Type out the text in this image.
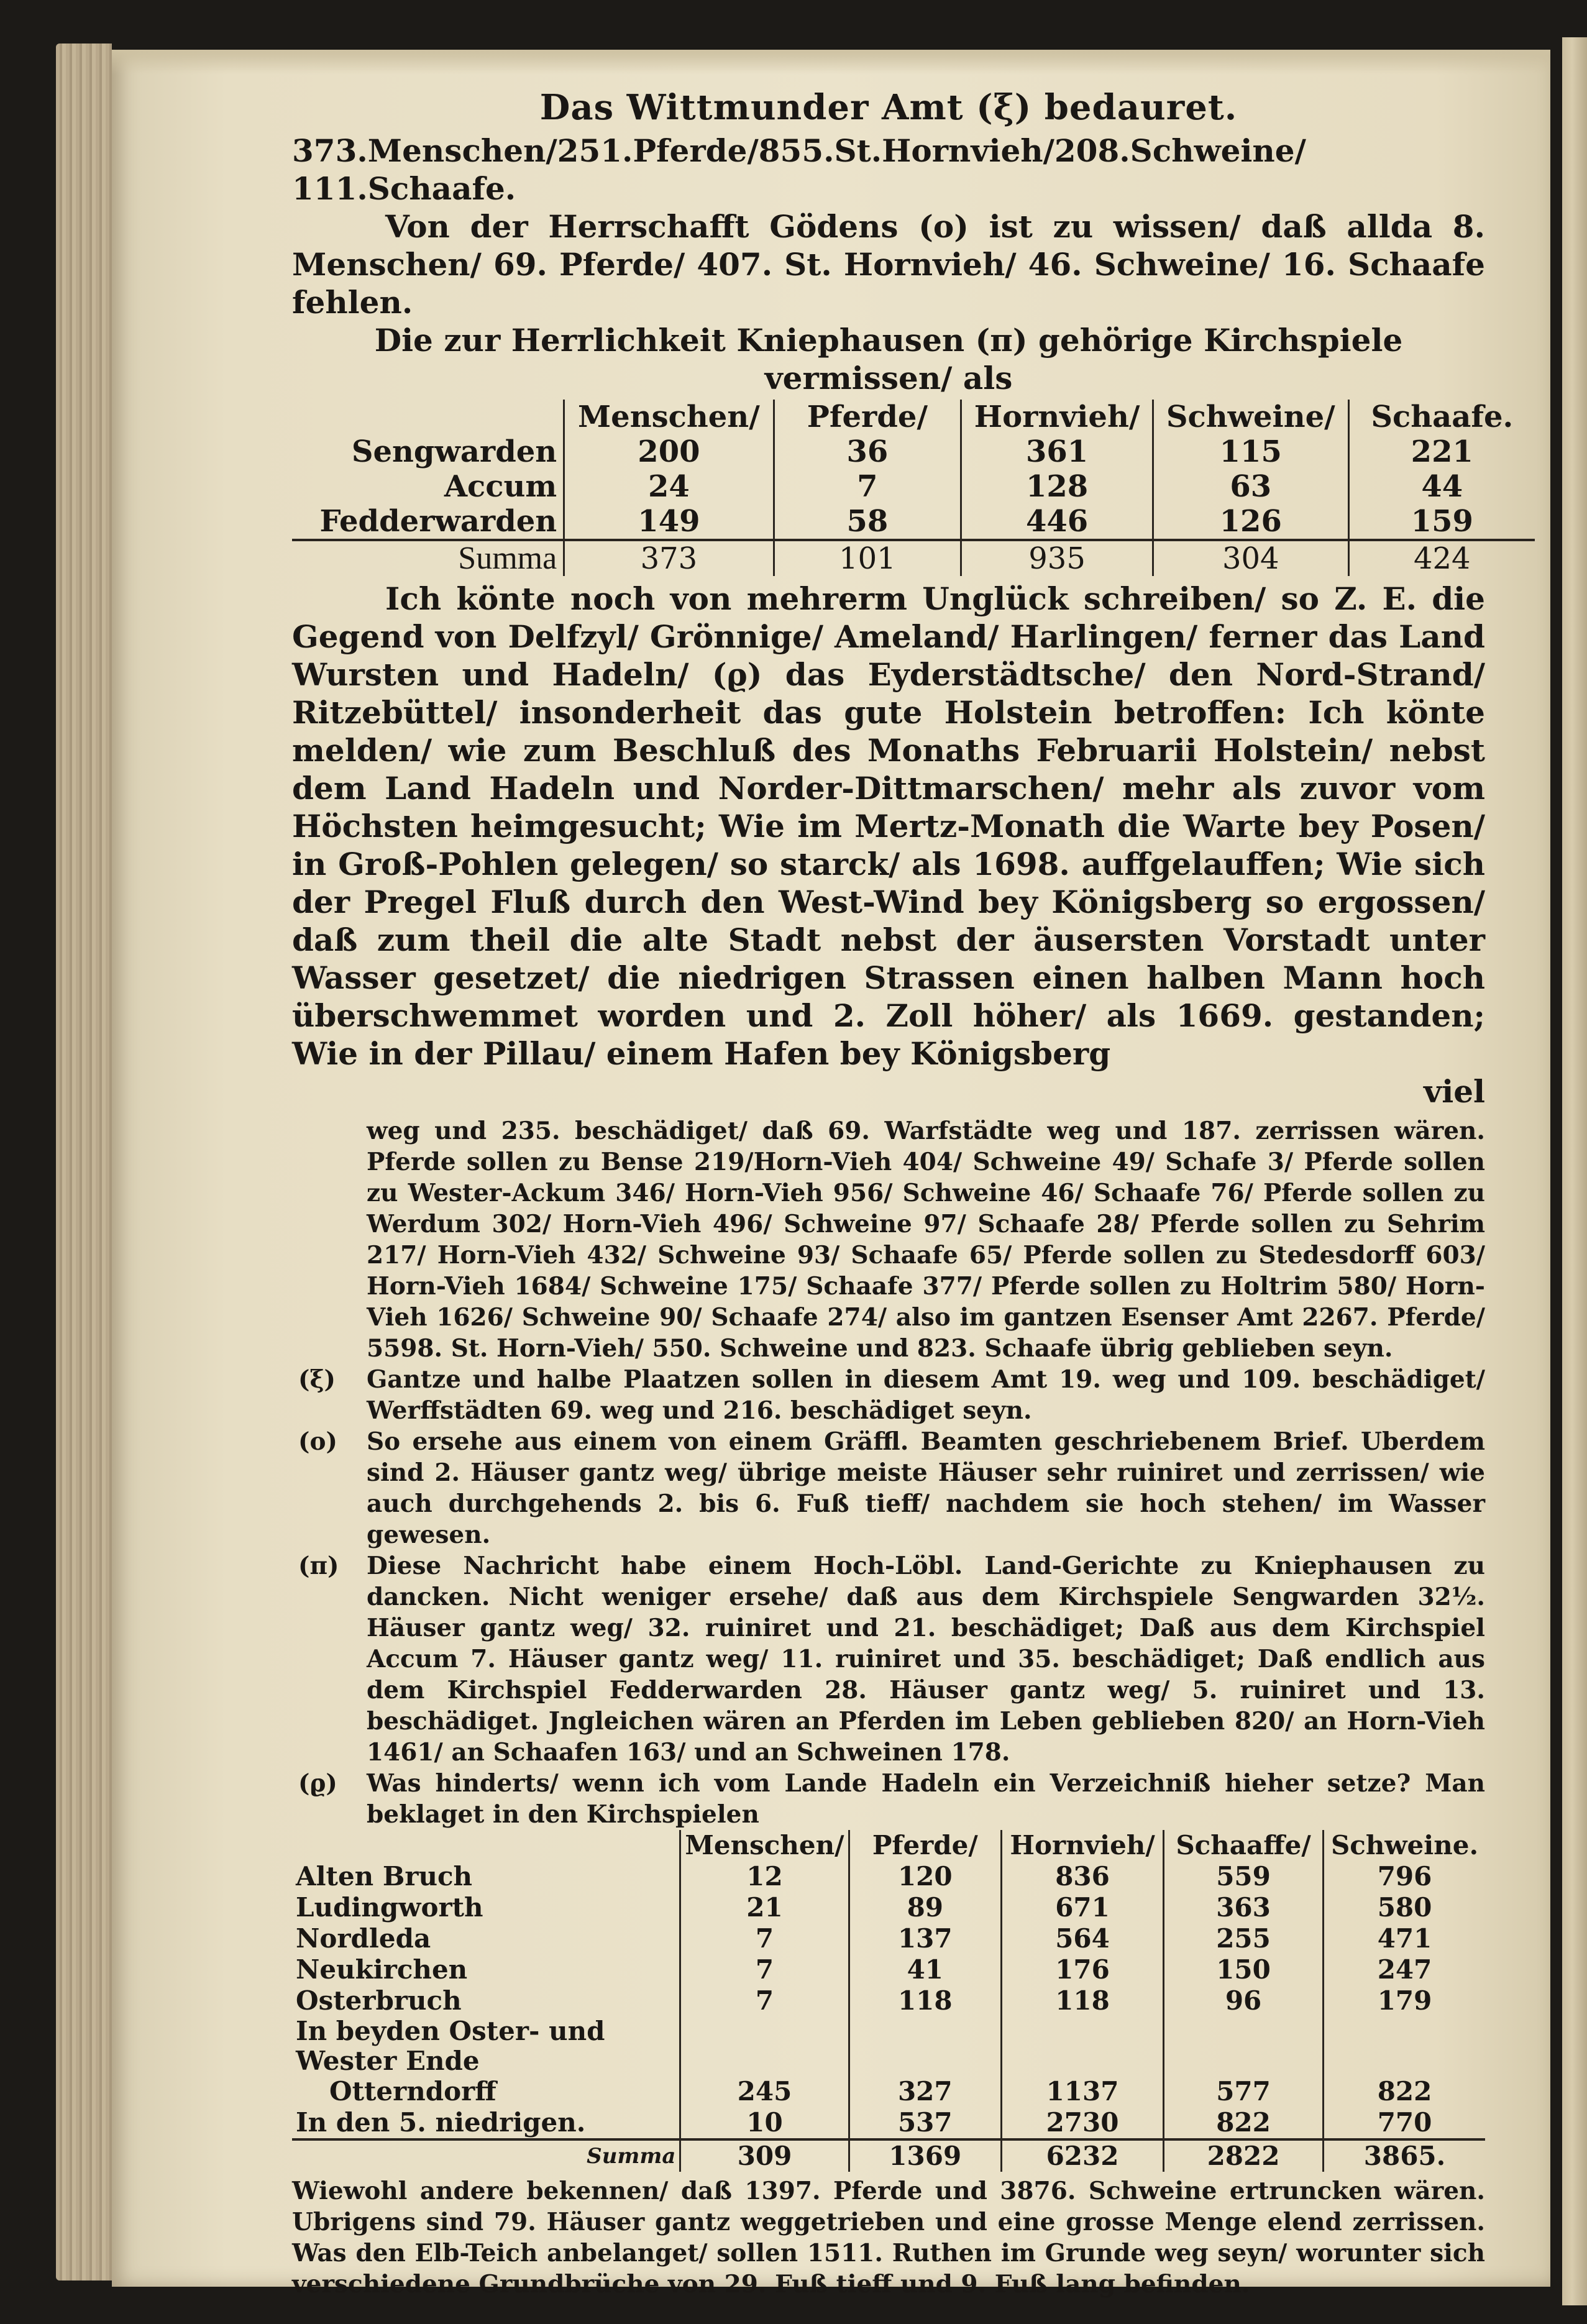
Das Wittmunder Amt (ξ) bedauret.

373.Menschen/251.Pferde/855.St.Hornvieh/208.Schweine/ 111.Schaafe.

Von der Herrschafft Gödens (ο) ist zu wissen/ daß allda 8. Menschen/ 69. Pferde/ 407. St. Hornvieh/ 46. Schweine/ 16. Schaafe fehlen.

Die zur Herrlichkeit Kniephausen (π) gehörige Kirchspiele

vermissen/ als

	Menschen/	Pferde/	Hornvieh/	Schweine/	Schaafe.
Sengwarden	200	36	361	115	221
Accum	24	7	128	63	44
Fedderwarden	149	58	446	126	159
Summa	373	101	935	304	424

Ich könte noch von mehrerm Unglück schreiben/ so Z. E. die Gegend von Delfzyl/ Grönnige/ Ameland/ Harlingen/ ferner das Land Wursten und Hadeln/ (ϱ) das Eyderstädtsche/ den Nord-Strand/ Ritzebüttel/ insonderheit das gute Holstein betroffen: Ich könte melden/ wie zum Beschluß des Monaths Februarii Holstein/ nebst dem Land Hadeln und Norder-Dittmarschen/ mehr als zuvor vom Höchsten heimgesucht; Wie im Mertz-Monath die Warte bey Posen/ in Groß-Pohlen gelegen/ so starck/ als 1698. auffgelauffen; Wie sich der Pregel Fluß durch den West-Wind bey Königsberg so ergossen/ daß zum theil die alte Stadt nebst der äusersten Vorstadt unter Wasser gesetzet/ die niedrigen Strassen einen halben Mann hoch überschwemmet worden und 2. Zoll höher/ als 1669. gestanden; Wie in der Pillau/ einem Hafen bey Königsberg

viel

weg und 235. beschädiget/ daß 69. Warfstädte weg und 187. zerrissen wären. Pferde sollen zu Bense 219/Horn-Vieh 404/ Schweine 49/ Schafe 3/ Pferde sollen zu Wester-Ackum 346/ Horn-Vieh 956/ Schweine 46/ Schaafe 76/ Pferde sollen zu Werdum 302/ Horn-Vieh 496/ Schweine 97/ Schaafe 28/ Pferde sollen zu Sehrim 217/ Horn-Vieh 432/ Schweine 93/ Schaafe 65/ Pferde sollen zu Stedesdorff 603/ Horn-Vieh 1684/ Schweine 175/ Schaafe 377/ Pferde sollen zu Holtrim 580/ Horn-Vieh 1626/ Schweine 90/ Schaafe 274/ also im gantzen Esenser Amt 2267. Pferde/ 5598. St. Horn-Vieh/ 550. Schweine und 823. Schaafe übrig geblieben seyn.

(ξ)	Gantze und halbe Plaatzen sollen in diesem Amt 19. weg und 109. beschädiget/ Werffstädten 69. weg und 216. beschädiget seyn.
(ο)	So ersehe aus einem von einem Gräffl. Beamten geschriebenem Brief. Uberdem sind 2. Häuser gantz weg/ übrige meiste Häuser sehr ruiniret und zerrissen/ wie auch durchgehends 2. bis 6. Fuß tieff/ nachdem sie hoch stehen/ im Wasser gewesen.
(π)	Diese Nachricht habe einem Hoch-Löbl. Land-Gerichte zu Kniephausen zu dancken. Nicht weniger ersehe/ daß aus dem Kirchspiele Sengwarden 32½. Häuser gantz weg/ 32. ruiniret und 21. beschädiget; Daß aus dem Kirchspiel Accum 7. Häuser gantz weg/ 11. ruiniret und 35. beschädiget; Daß endlich aus dem Kirchspiel Fedderwarden 28. Häuser gantz weg/ 5. ruiniret und 13. beschädiget. Jngleichen wären an Pferden im Leben geblieben 820/ an Horn-Vieh 1461/ an Schaafen 163/ und an Schweinen 178.
(ϱ)	Was hinderts/ wenn ich vom Lande Hadeln ein Verzeichniß hieher setze? Man beklaget in den Kirchspielen
	Menschen/	Pferde/	Hornvieh/	Schaaffe/	Schweine.
Alten Bruch	12	120	836	559	796
Ludingworth	21	89	671	363	580
Nordleda	7	137	564	255	471
Neukirchen	7	41	176	150	247
Osterbruch	7	118	118	96	179
In beyden Oster- und Wester Ende					
Otterndorff	245	327	1137	577	822
In den 5. niedrigen.	10	537	2730	822	770
Summa	309	1369	6232	2822	3865.

Wiewohl andere bekennen/ daß 1397. Pferde und 3876. Schweine ertruncken wären. Ubrigens sind 79. Häuser gantz weggetrieben und eine grosse Menge elend zerrissen. Was den Elb-Teich anbelanget/ sollen 1511. Ruthen im Grunde weg seyn/ worunter sich verschiedene Grundbrüche von 29. Fuß tieff und 9. Fuß lang befinden.
